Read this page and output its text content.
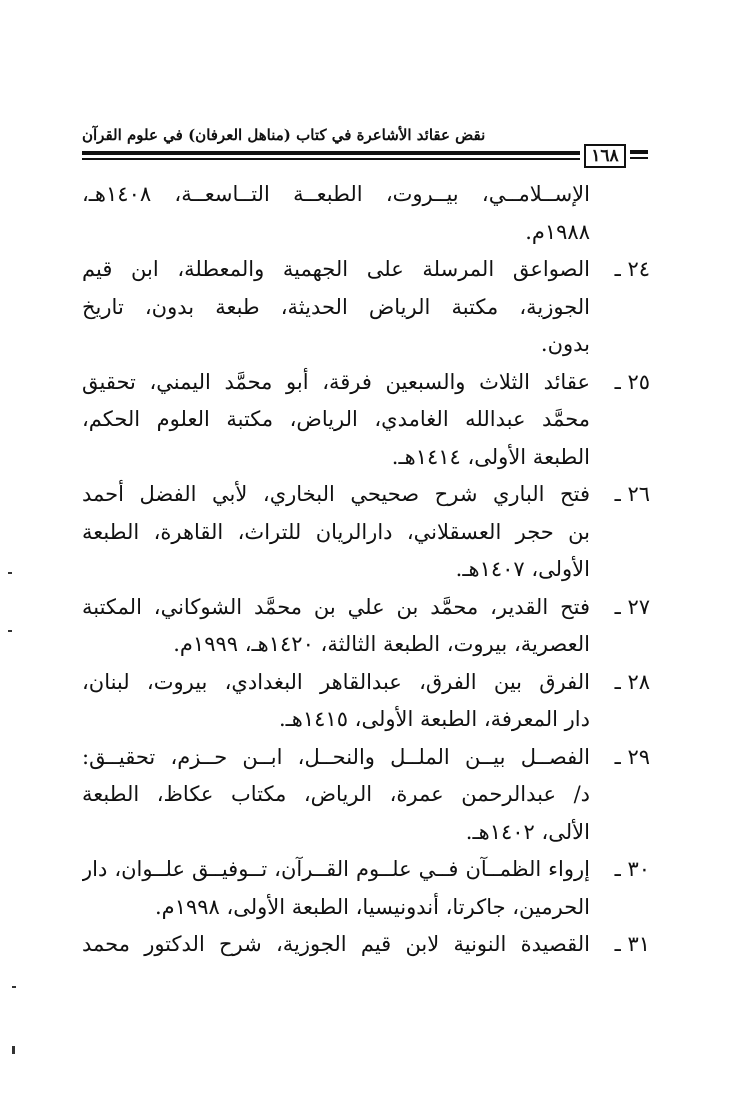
نقض عقائد الأشاعرة في كتاب (مناهل العرفان) في علوم القرآن
١٦٨
الإســلامــي، بيــروت، الطبعــة التــاسعــة، ١٤٠٨هـ،
١٩٨٨م.
٢٤ ـ
الصواعق المرسلة على الجهمية والمعطلة، ابن قيم
الجوزية، مكتبة الرياض الحديثة، طبعة بدون، تاريخ
بدون.
٢٥ ـ
عقائد الثلاث والسبعين فرقة، أبو محمَّد اليمني، تحقيق
محمَّد عبدالله الغامدي، الرياض، مكتبة العلوم الحكم،
الطبعة الأولى، ١٤١٤هـ.
٢٦ ـ
فتح الباري شرح صحيحي البخاري، لأبي الفضل أحمد
بن حجر العسقلاني، دارالريان للتراث، القاهرة، الطبعة
الأولى، ١٤٠٧هـ.
٢٧ ـ
فتح القدير، محمَّد بن علي بن محمَّد الشوكاني، المكتبة
العصرية، بيروت، الطبعة الثالثة، ١٤٢٠هـ، ١٩٩٩م.
٢٨ ـ
الفرق بين الفرق، عبدالقاهر البغدادي، بيروت، لبنان،
دار المعرفة، الطبعة الأولى، ١٤١٥هـ.
٢٩ ـ
الفصــل بيــن الملــل والنحــل، ابــن حــزم، تحقيــق:
د/ عبدالرحمن عمرة، الرياض، مكتاب عكاظ، الطبعة
الألى، ١٤٠٢هـ.
٣٠ ـ
إرواء الظمــآن فــي علــوم القــرآن، تــوفيــق علــوان، دار
الحرمين، جاكرتا، أندونيسيا، الطبعة الأولى، ١٩٩٨م.
٣١ ـ
القصيدة النونية لابن قيم الجوزية، شرح الدكتور محمد
